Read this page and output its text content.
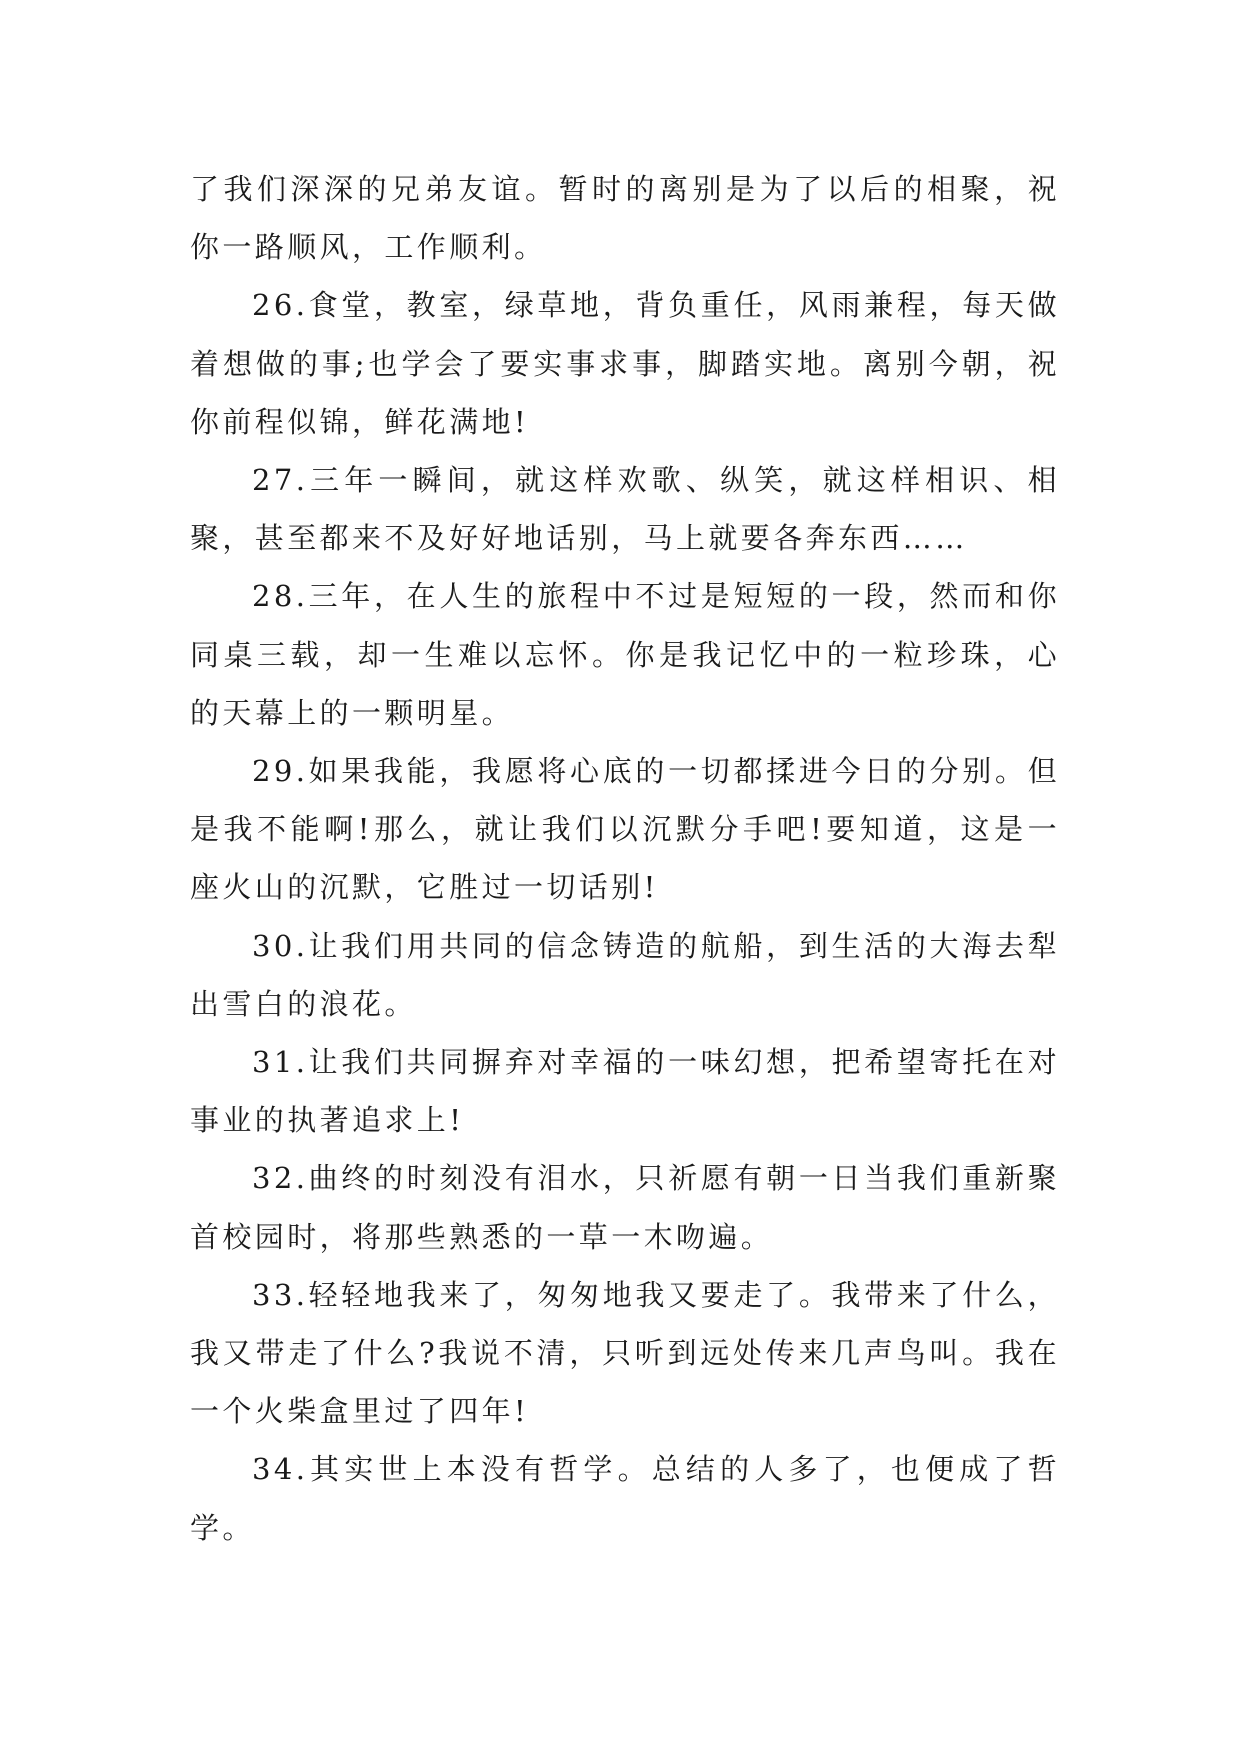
了我们深深的兄弟友谊。暂时的离别是为了以后的相聚，祝你一路顺风，工作顺利。

26.食堂，教室，绿草地，背负重任，风雨兼程，每天做着想做的事;也学会了要实事求事，脚踏实地。离别今朝，祝你前程似锦，鲜花满地!

27.三年一瞬间，就这样欢歌、纵笑，就这样相识、相聚，甚至都来不及好好地话别，马上就要各奔东西……

28.三年，在人生的旅程中不过是短短的一段，然而和你同桌三载，却一生难以忘怀。你是我记忆中的一粒珍珠，心的天幕上的一颗明星。

29.如果我能，我愿将心底的一切都揉进今日的分别。但是我不能啊!那么，就让我们以沉默分手吧!要知道，这是一座火山的沉默，它胜过一切话别!

30.让我们用共同的信念铸造的航船，到生活的大海去犁出雪白的浪花。

31.让我们共同摒弃对幸福的一味幻想，把希望寄托在对事业的执著追求上!

32.曲终的时刻没有泪水，只祈愿有朝一日当我们重新聚首校园时，将那些熟悉的一草一木吻遍。

33.轻轻地我来了，匆匆地我又要走了。我带来了什么，我又带走了什么?我说不清，只听到远处传来几声鸟叫。我在一个火柴盒里过了四年!

34.其实世上本没有哲学。总结的人多了，也便成了哲学。
